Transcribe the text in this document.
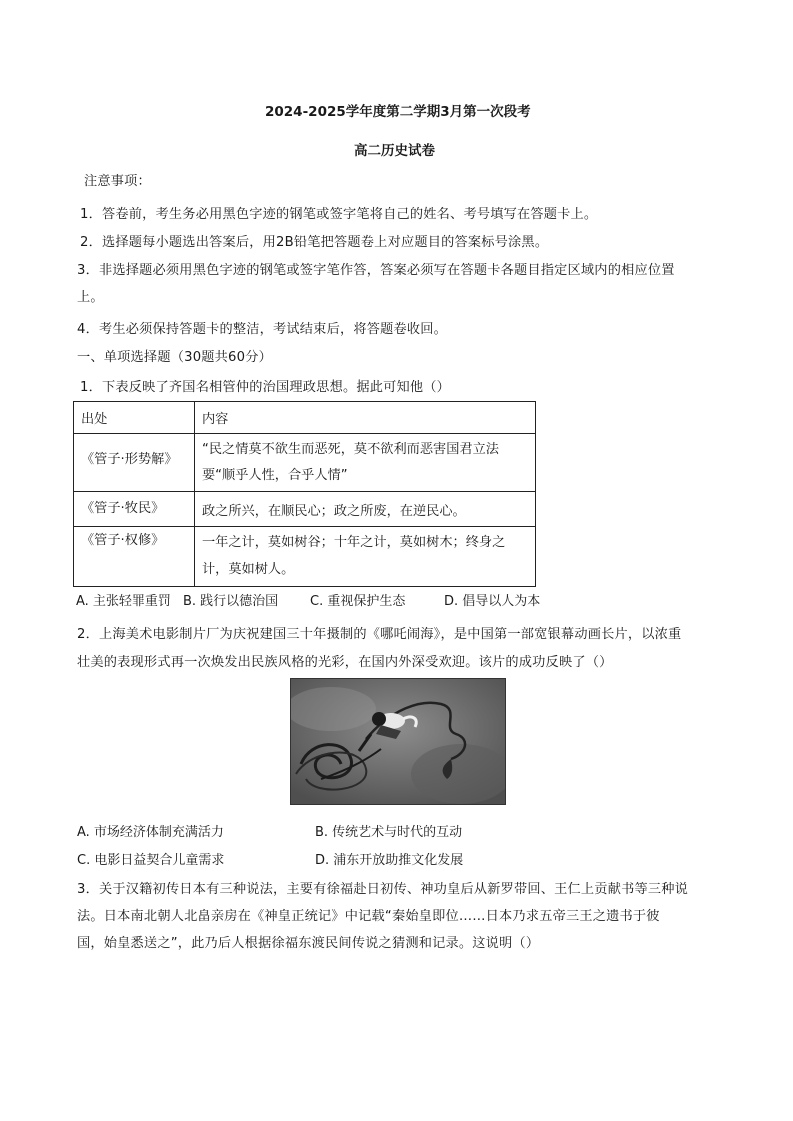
2024-2025学年度第二学期3月第一次段考
高二历史试卷
注意事项：
1．答卷前，考生务必用黑色字迹的钢笔或签字笔将自己的姓名、考号填写在答题卡上。
2．选择题每小题选出答案后，用2B铅笔把答题卷上对应题目的答案标号涂黑。
3．非选择题必须用黑色字迹的钢笔或签字笔作答，答案必须写在答题卡各题目指定区域内的相应位置
上。
4．考生必须保持答题卡的整洁，考试结束后，将答题卷收回。
一、单项选择题（30题共60分）
1．下表反映了齐国名相管仲的治国理政思想。据此可知他（）
出处	内容
《管子·形势解》	“民之情莫不欲生而恶死，莫不欲利而恶害国君立法
要“顺乎人性，合乎人情”

《管子·牧民》	政之所兴，在顺民心；政之所废，在逆民心。
《管子·权修》	一年之计，莫如树谷；十年之计，莫如树木；终身之
计，莫如树人。
A. 主张轻罪重罚 B. 践行以德治国 C. 重视保护生态	D. 倡导以人为本
2．上海美术电影制片厂为庆祝建国三十年摄制的《哪吒闹海》，是中国第一部宽银幕动画长片，以浓重
壮美的表现形式再一次焕发出民族风格的光彩，在国内外深受欢迎。该片的成功反映了（）
A. 市场经济体制充满活力	B. 传统艺术与时代的互动
C. 电影日益契合儿童需求	D. 浦东开放助推文化发展
3．关于汉籍初传日本有三种说法，主要有徐福赴日初传、神功皇后从新罗带回、王仁上贡献书等三种说
法。日本南北朝人北畠亲房在《神皇正统记》中记载“秦始皇即位……日本乃求五帝三王之遗书于彼
国，始皇悉送之”，此乃后人根据徐福东渡民间传说之猜测和记录。这说明（）
